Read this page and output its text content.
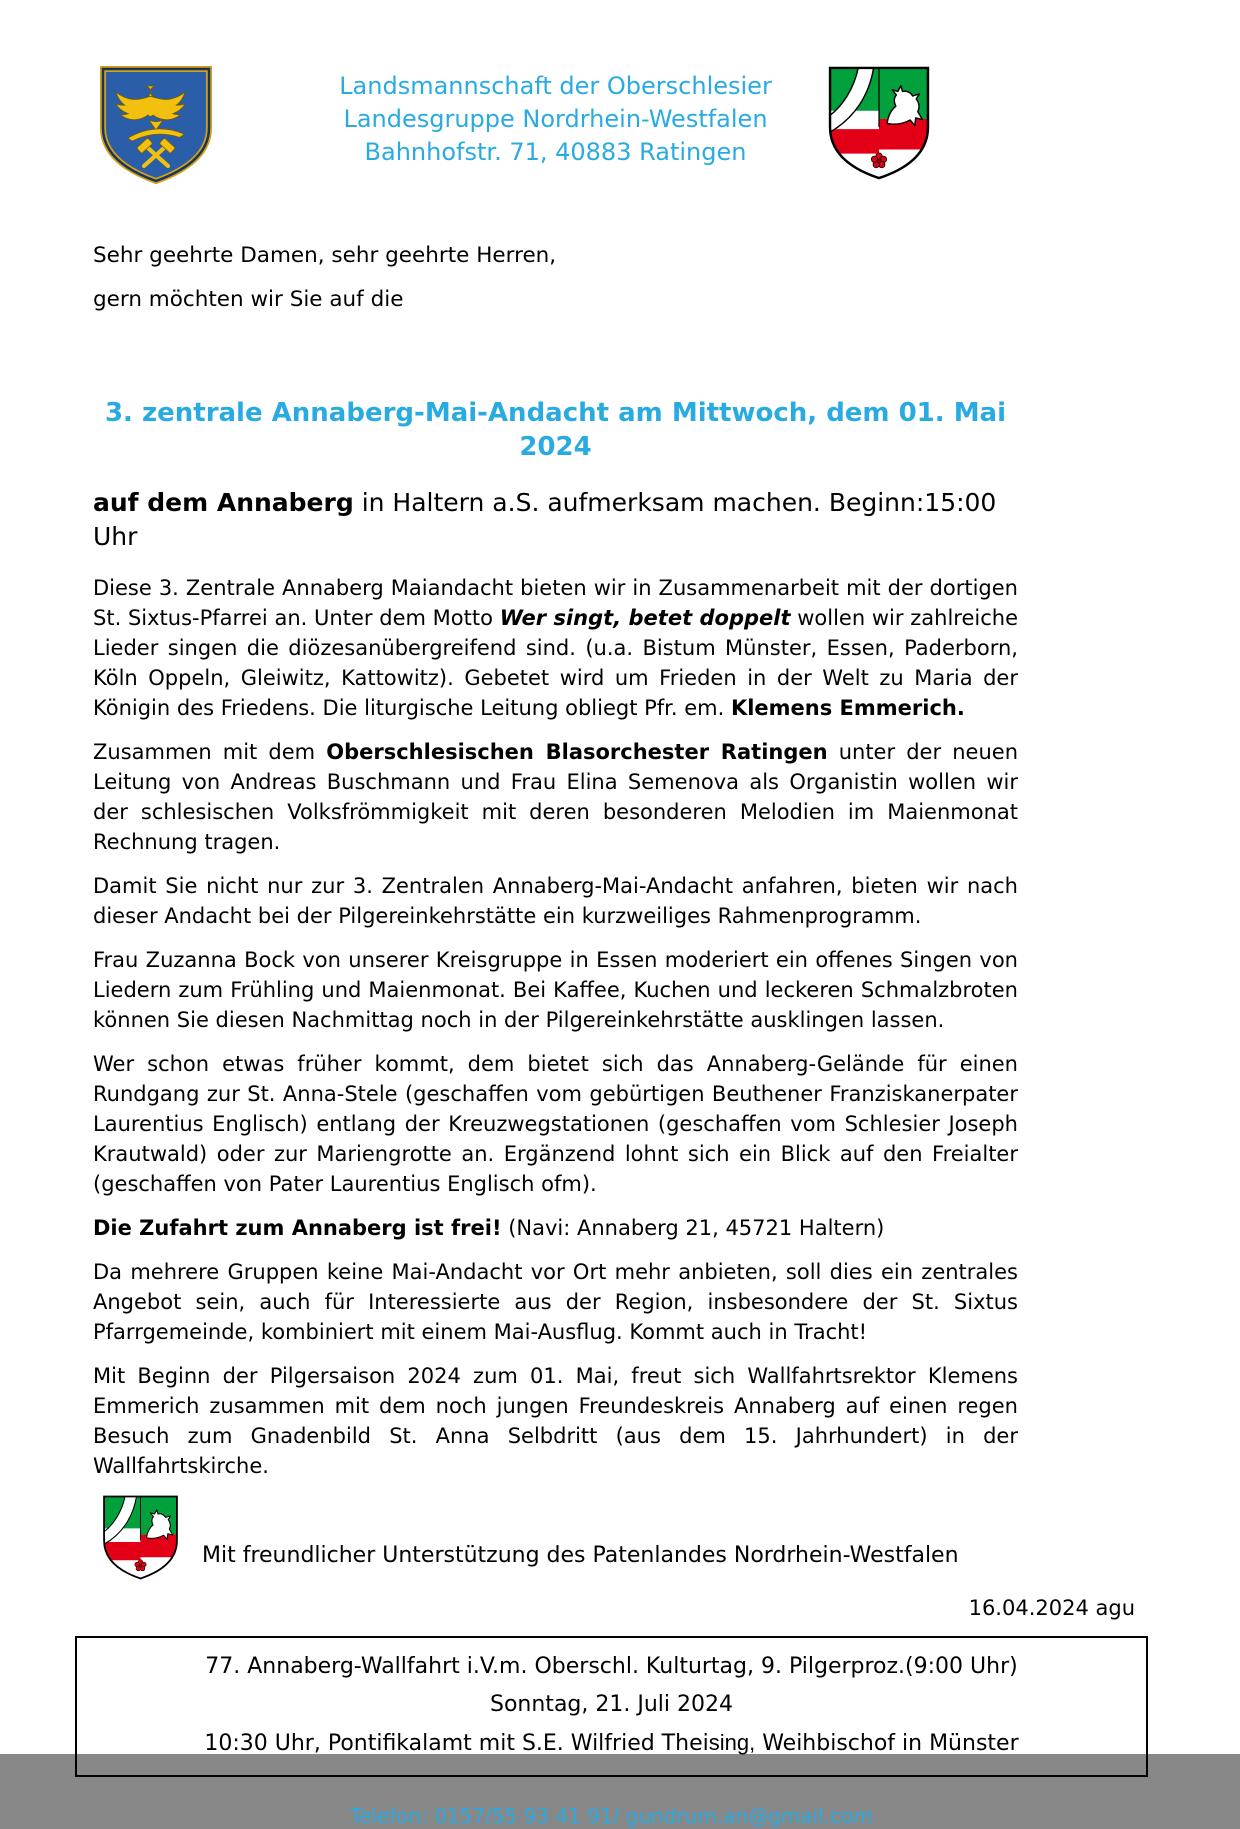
Landsmannschaft der Oberschlesier
Landesgruppe Nordrhein-Westfalen
Bahnhofstr. 71, 40883 Ratingen

Sehr geehrte Damen, sehr geehrte Herren,

gern möchten wir Sie auf die

3. zentrale Annaberg-Mai-Andacht am Mittwoch, dem 01. Mai 2024

auf dem Annaberg in Haltern a.S. aufmerksam machen. Beginn:15:00 Uhr

Diese 3. Zentrale Annaberg Maiandacht bieten wir in Zusammenarbeit mit der dortigen St. Sixtus-Pfarrei an. Unter dem Motto Wer singt, betet doppelt wollen wir zahlreiche Lieder singen die diözesanübergreifend sind. (u.a. Bistum Münster, Essen, Paderborn, Köln Oppeln, Gleiwitz, Kattowitz). Gebetet wird um Frieden in der Welt zu Maria der Königin des Friedens. Die liturgische Leitung obliegt Pfr. em. Klemens Emmerich.

Zusammen mit dem Oberschlesischen Blasorchester Ratingen unter der neuen Leitung von Andreas Buschmann und Frau Elina Semenova als Organistin wollen wir der schlesischen Volksfrömmigkeit mit deren besonderen Melodien im Maienmonat Rechnung tragen.

Damit Sie nicht nur zur 3. Zentralen Annaberg-Mai-Andacht anfahren, bieten wir nach dieser Andacht bei der Pilgereinkehrstätte ein kurzweiliges Rahmenprogramm.

Frau Zuzanna Bock von unserer Kreisgruppe in Essen moderiert ein offenes Singen von Liedern zum Frühling und Maienmonat. Bei Kaffee, Kuchen und leckeren Schmalzbroten können Sie diesen Nachmittag noch in der Pilgereinkehrstätte ausklingen lassen.

Wer schon etwas früher kommt, dem bietet sich das Annaberg-Gelände für einen Rundgang zur St. Anna-Stele (geschaffen vom gebürtigen Beuthener Franziskanerpater Laurentius Englisch) entlang der Kreuzwegstationen (geschaffen vom Schlesier Joseph Krautwald) oder zur Mariengrotte an. Ergänzend lohnt sich ein Blick auf den Freialter (geschaffen von Pater Laurentius Englisch ofm).

Die Zufahrt zum Annaberg ist frei! (Navi: Annaberg 21, 45721 Haltern)

Da mehrere Gruppen keine Mai-Andacht vor Ort mehr anbieten, soll dies ein zentrales Angebot sein, auch für Interessierte aus der Region, insbesondere der St. Sixtus Pfarrgemeinde, kombiniert mit einem Mai-Ausflug. Kommt auch in Tracht!

Mit Beginn der Pilgersaison 2024 zum 01. Mai, freut sich Wallfahrtsrektor Klemens Emmerich zusammen mit dem noch jungen Freundeskreis Annaberg auf einen regen Besuch zum Gnadenbild St. Anna Selbdritt (aus dem 15. Jahrhundert) in der Wallfahrtskirche.

Mit freundlicher Unterstützung des Patenlandes Nordrhein-Westfalen

16.04.2024 agu

77. Annaberg-Wallfahrt i.V.m. Oberschl. Kulturtag, 9. Pilgerproz.(9:00 Uhr)

Sonntag, 21. Juli 2024

10:30 Uhr, Pontifikalamt mit S.E. Wilfried Theising, Weihbischof in Münster

Telefon: 0157/55 93 41 91/ gundrum.an@gmail.com
